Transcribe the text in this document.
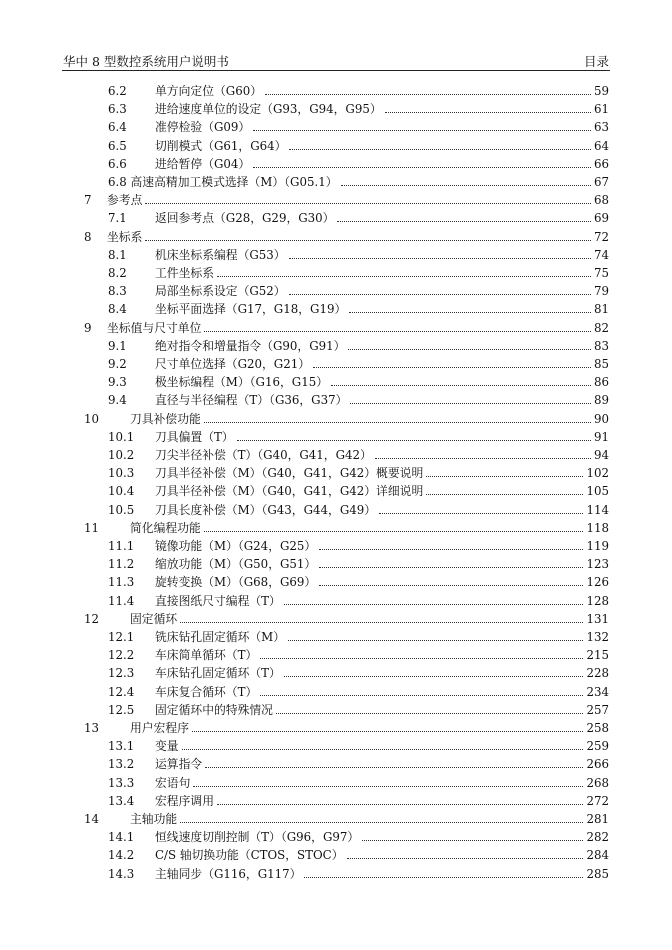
华中 8 型数控系统用户说明书	目录
6.2 单方向定位（G60）	59
6.3 进给速度单位的设定（G93，G94，G95）	61
6.4 准停检验（G09）	63
6.5 切削模式（G61，G64）	64
6.6 进给暂停（G04）	66
6.8 高速高精加工模式选择（M）（G05.1）	67
7 参考点	68
7.1 返回参考点（G28，G29，G30）	69
8 坐标系	72
8.1 机床坐标系编程（G53）	74
8.2 工件坐标系	75
8.3 局部坐标系设定（G52）	79
8.4 坐标平面选择（G17，G18，G19）	81
9 坐标值与尺寸单位	82
9.1 绝对指令和增量指令（G90，G91）	83
9.2 尺寸单位选择（G20，G21）	85
9.3 极坐标编程（M）（G16，G15）	86
9.4 直径与半径编程（T）（G36，G37）	89
10	刀具补偿功能	90
10.1 刀具偏置（T）	91
10.2 刀尖半径补偿（T）（G40，G41，G42）	94
10.3 刀具半径补偿（M）（G40，G41，G42）概要说明	102
10.4 刀具半径补偿（M）（G40，G41，G42）详细说明	105
10.5 刀具长度补偿（M）（G43，G44，G49）	114
11	简化编程功能	118
11.1 镜像功能（M）（G24，G25）	119
11.2 缩放功能（M）（G50，G51）	123
11.3 旋转变换（M）（G68，G69）	126
11.4 直接图纸尺寸编程（T）	128
12	固定循环	131
12.1 铣床钻孔固定循环（M）	132
12.2 车床简单循环（T）	215
12.3 车床钻孔固定循环（T）	228
12.4 车床复合循环（T）	234
12.5 固定循环中的特殊情况	257
13	用户宏程序	258
13.1 变量	259
13.2 运算指令	266
13.3 宏语句	268
13.4 宏程序调用	272
14	主轴功能	281
14.1 恒线速度切削控制（T）（G96，G97）	282
14.2 C/S 轴切换功能（CTOS，STOC）	284
14.3 主轴同步（G116，G117）	285
